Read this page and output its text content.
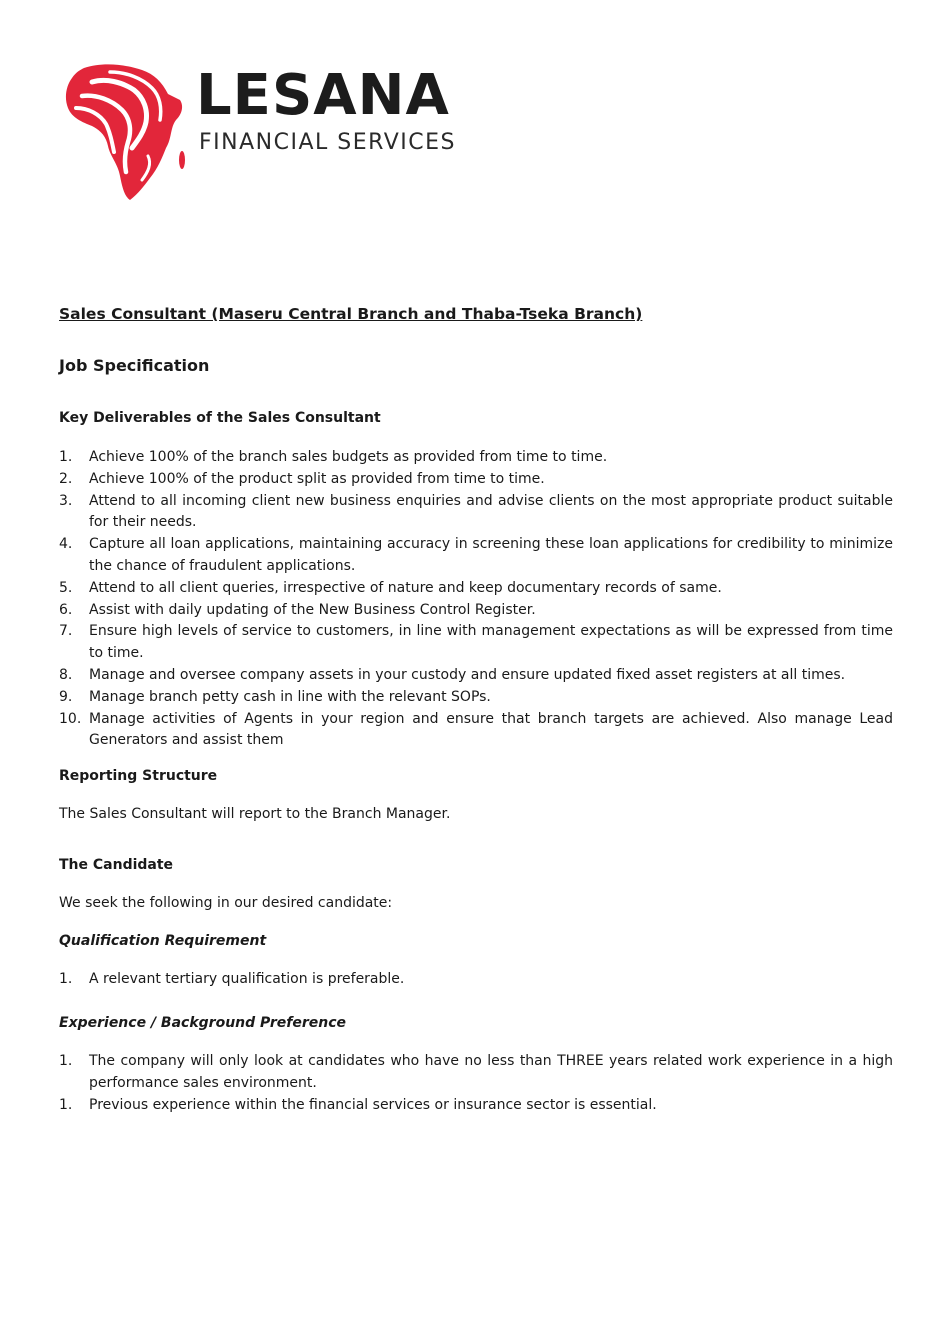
LESANA
FINANCIAL SERVICES
Sales Consultant (Maseru Central Branch and Thaba-Tseka Branch)
Job Specification
Key Deliverables of the Sales Consultant
1. Achieve 100% of the branch sales budgets as provided from time to time.
2. Achieve 100% of the product split as provided from time to time.
3. Attend to all incoming client new business enquiries and advise clients on the most appropriate product suitable for their needs.
4. Capture all loan applications, maintaining accuracy in screening these loan applications for credibility to minimize the chance of fraudulent applications.
5. Attend to all client queries, irrespective of nature and keep documentary records of same.
6. Assist with daily updating of the New Business Control Register.
7. Ensure high levels of service to customers, in line with management expectations as will be expressed from time to time.
8. Manage and oversee company assets in your custody and ensure updated fixed asset registers at all times.
9. Manage branch petty cash in line with the relevant SOPs.
10. Manage activities of Agents in your region and ensure that branch targets are achieved. Also manage Lead Generators and assist them
Reporting Structure

The Sales Consultant will report to the Branch Manager.

The Candidate

We seek the following in our desired candidate:

Qualification Requirement
1. A relevant tertiary qualification is preferable.
Experience / Background Preference
1. The company will only look at candidates who have no less than THREE years related work experience in a high performance sales environment.
1. Previous experience within the financial services or insurance sector is essential.
